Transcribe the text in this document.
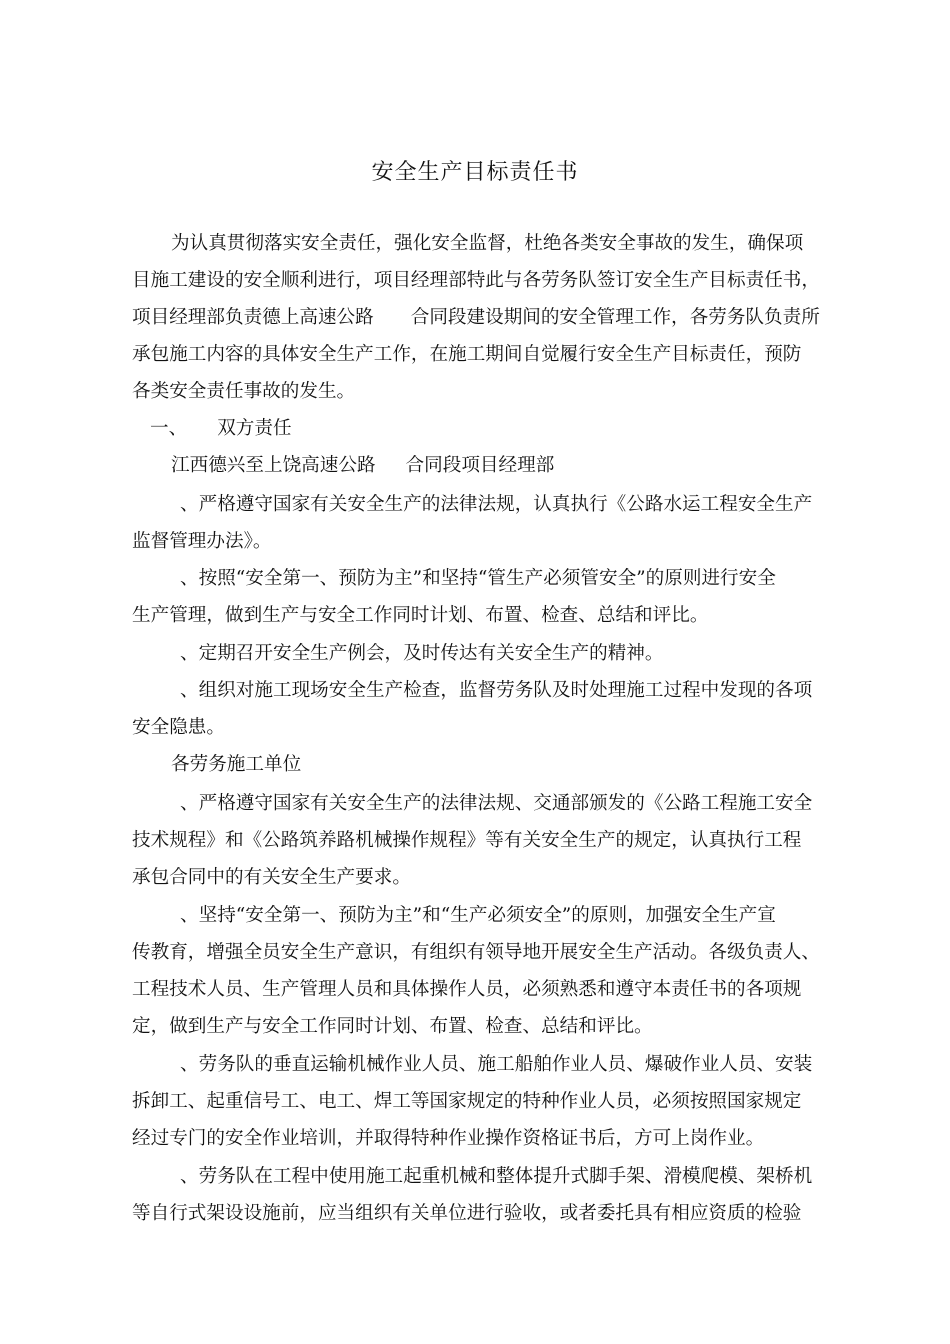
安全生产目标责任书
为认真贯彻落实安全责任，强化安全监督，杜绝各类安全事故的发生，确保项
目施工建设的安全顺利进行，项目经理部特此与各劳务队签订安全生产目标责任书，
项目经理部负责德上高速公路 合同段建设期间的安全管理工作，各劳务队负责所
承包施工内容的具体安全生产工作，在施工期间自觉履行安全生产目标责任，预防
各类安全责任事故的发生。
一、 双方责任
江西德兴至上饶高速公路 合同段项目经理部
、严格遵守国家有关安全生产的法律法规，认真执行《公路水运工程安全生产
监督管理办法》。
、按照“安全第一、预防为主”和坚持“管生产必须管安全”的原则进行安全
生产管理，做到生产与安全工作同时计划、布置、检查、总结和评比。
、定期召开安全生产例会，及时传达有关安全生产的精神。
、组织对施工现场安全生产检查，监督劳务队及时处理施工过程中发现的各项
安全隐患。
各劳务施工单位
、严格遵守国家有关安全生产的法律法规、交通部颁发的《公路工程施工安全
技术规程》和《公路筑养路机械操作规程》等有关安全生产的规定，认真执行工程
承包合同中的有关安全生产要求。
、坚持“安全第一、预防为主”和“生产必须安全”的原则，加强安全生产宣
传教育，增强全员安全生产意识，有组织有领导地开展安全生产活动。各级负责人、
工程技术人员、生产管理人员和具体操作人员，必须熟悉和遵守本责任书的各项规
定，做到生产与安全工作同时计划、布置、检查、总结和评比。
、劳务队的垂直运输机械作业人员、施工船舶作业人员、爆破作业人员、安装
拆卸工、起重信号工、电工、焊工等国家规定的特种作业人员，必须按照国家规定
经过专门的安全作业培训，并取得特种作业操作资格证书后，方可上岗作业。
、劳务队在工程中使用施工起重机械和整体提升式脚手架、滑模爬模、架桥机
等自行式架设设施前，应当组织有关单位进行验收，或者委托具有相应资质的检验
